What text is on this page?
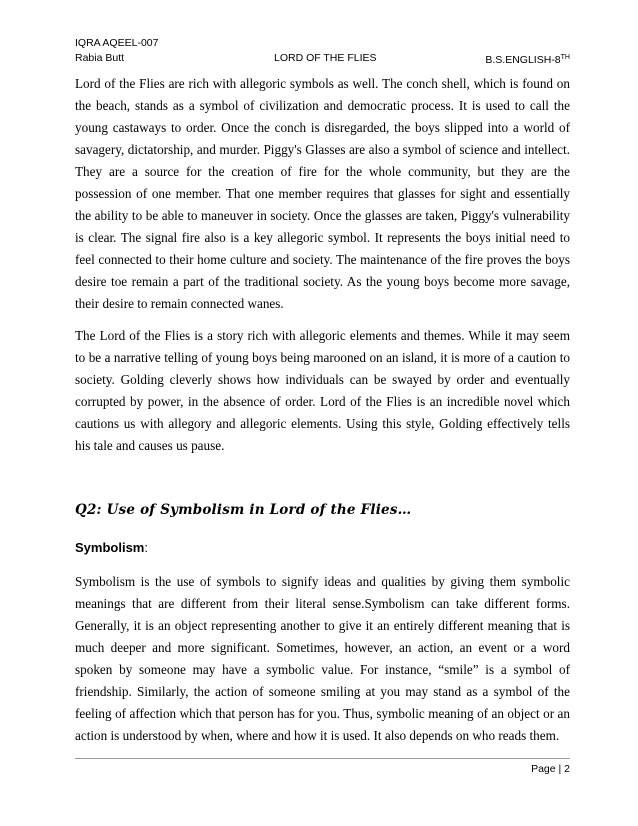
IQRA AQEEL-007
Rabia Butt	LORD OF THE FLIES	B.S.ENGLISH-8TH

Lord of the Flies are rich with allegoric symbols as well. The conch shell, which is found on the beach, stands as a symbol of civilization and democratic process. It is used to call the young castaways to order. Once the conch is disregarded, the boys slipped into a world of savagery, dictatorship, and murder. Piggy's Glasses are also a symbol of science and intellect. They are a source for the creation of fire for the whole community, but they are the possession of one member. That one member requires that glasses for sight and essentially the ability to be able to maneuver in society. Once the glasses are taken, Piggy's vulnerability is clear. The signal fire also is a key allegoric symbol. It represents the boys initial need to feel connected to their home culture and society. The maintenance of the fire proves the boys desire toe remain a part of the traditional society. As the young boys become more savage, their desire to remain connected wanes.

The Lord of the Flies is a story rich with allegoric elements and themes. While it may seem to be a narrative telling of young boys being marooned on an island, it is more of a caution to society. Golding cleverly shows how individuals can be swayed by order and eventually corrupted by power, in the absence of order. Lord of the Flies is an incredible novel which cautions us with allegory and allegoric elements. Using this style, Golding effectively tells his tale and causes us pause.

Q2: Use of Symbolism in Lord of the Flies…
Symbolism:

Symbolism is the use of symbols to signify ideas and qualities by giving them symbolic meanings that are different from their literal sense.Symbolism can take different forms. Generally, it is an object representing another to give it an entirely different meaning that is much deeper and more significant. Sometimes, however, an action, an event or a word spoken by someone may have a symbolic value. For instance, “smile” is a symbol of friendship. Similarly, the action of someone smiling at you may stand as a symbol of the feeling of affection which that person has for you. Thus, symbolic meaning of an object or an action is understood by when, where and how it is used. It also depends on who reads them.

Page | 2
